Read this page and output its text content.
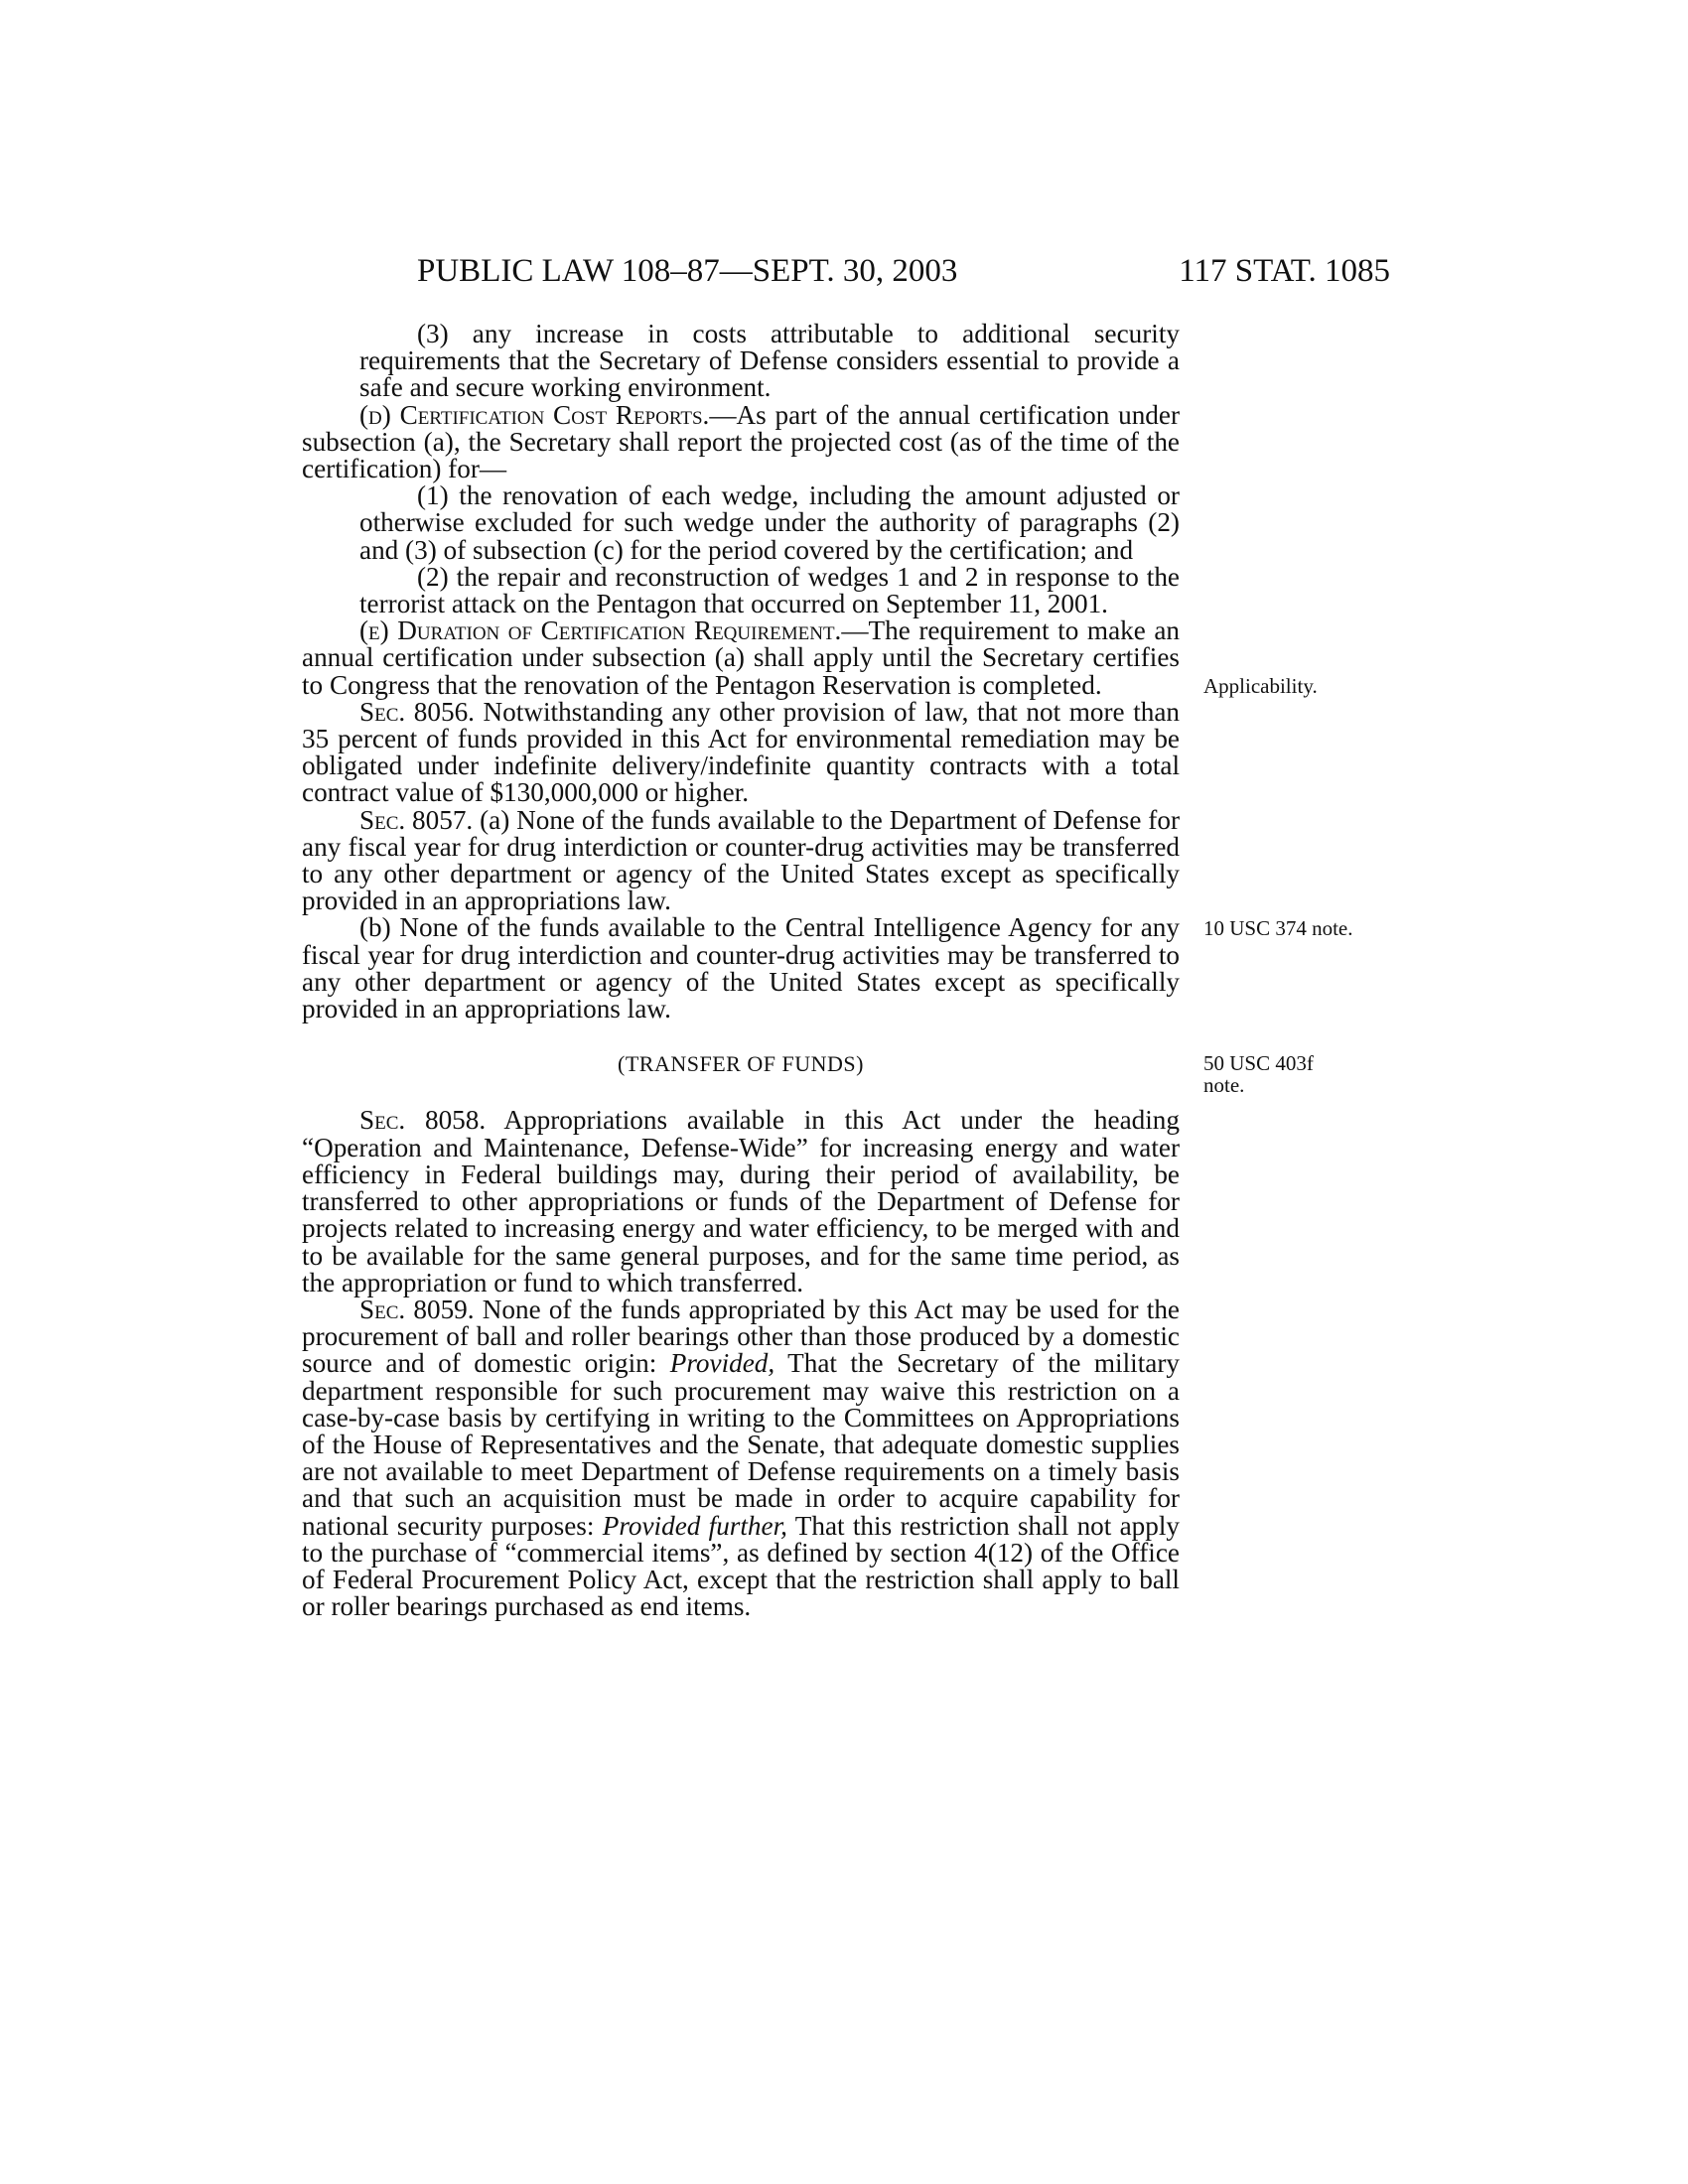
PUBLIC LAW 108–87—SEPT. 30, 2003	117 STAT. 1085

(3) any increase in costs attributable to additional security requirements that the Secretary of Defense considers essential to provide a safe and secure working environment.

(d) Certification Cost Reports.—As part of the annual certification under subsection (a), the Secretary shall report the projected cost (as of the time of the certification) for—

(1) the renovation of each wedge, including the amount adjusted or otherwise excluded for such wedge under the authority of paragraphs (2) and (3) of subsection (c) for the period covered by the certification; and

(2) the repair and reconstruction of wedges 1 and 2 in response to the terrorist attack on the Pentagon that occurred on September 11, 2001.

(e) Duration of Certification Requirement.—The requirement to make an annual certification under subsection (a) shall apply until the Secretary certifies to Congress that the renovation of the Pentagon Reservation is completed.

Sec. 8056. Notwithstanding any other provision of law, that not more than 35 percent of funds provided in this Act for environmental remediation may be obligated under indefinite delivery/indefinite quantity contracts with a total contract value of $130,000,000 or higher.

Sec. 8057. (a) None of the funds available to the Department of Defense for any fiscal year for drug interdiction or counter-drug activities may be transferred to any other department or agency of the United States except as specifically provided in an appropriations law.

(b) None of the funds available to the Central Intelligence Agency for any fiscal year for drug interdiction and counter-drug activities may be transferred to any other department or agency of the United States except as specifically provided in an appropriations law.

(TRANSFER OF FUNDS)

Sec. 8058. Appropriations available in this Act under the heading “Operation and Maintenance, Defense-Wide” for increasing energy and water efficiency in Federal buildings may, during their period of availability, be transferred to other appropriations or funds of the Department of Defense for projects related to increasing energy and water efficiency, to be merged with and to be available for the same general purposes, and for the same time period, as the appropriation or fund to which transferred.

Sec. 8059. None of the funds appropriated by this Act may be used for the procurement of ball and roller bearings other than those produced by a domestic source and of domestic origin: Provided, That the Secretary of the military department responsible for such procurement may waive this restriction on a case-by-case basis by certifying in writing to the Committees on Appropriations of the House of Representatives and the Senate, that adequate domestic supplies are not available to meet Department of Defense requirements on a timely basis and that such an acquisition must be made in order to acquire capability for national security purposes: Provided further, That this restriction shall not apply to the purchase of “commercial items”, as defined by section 4(12) of the Office of Federal Procurement Policy Act, except that the restriction shall apply to ball or roller bearings purchased as end items.

Applicability.
10 USC 374 note.
50 USC 403f
note.
